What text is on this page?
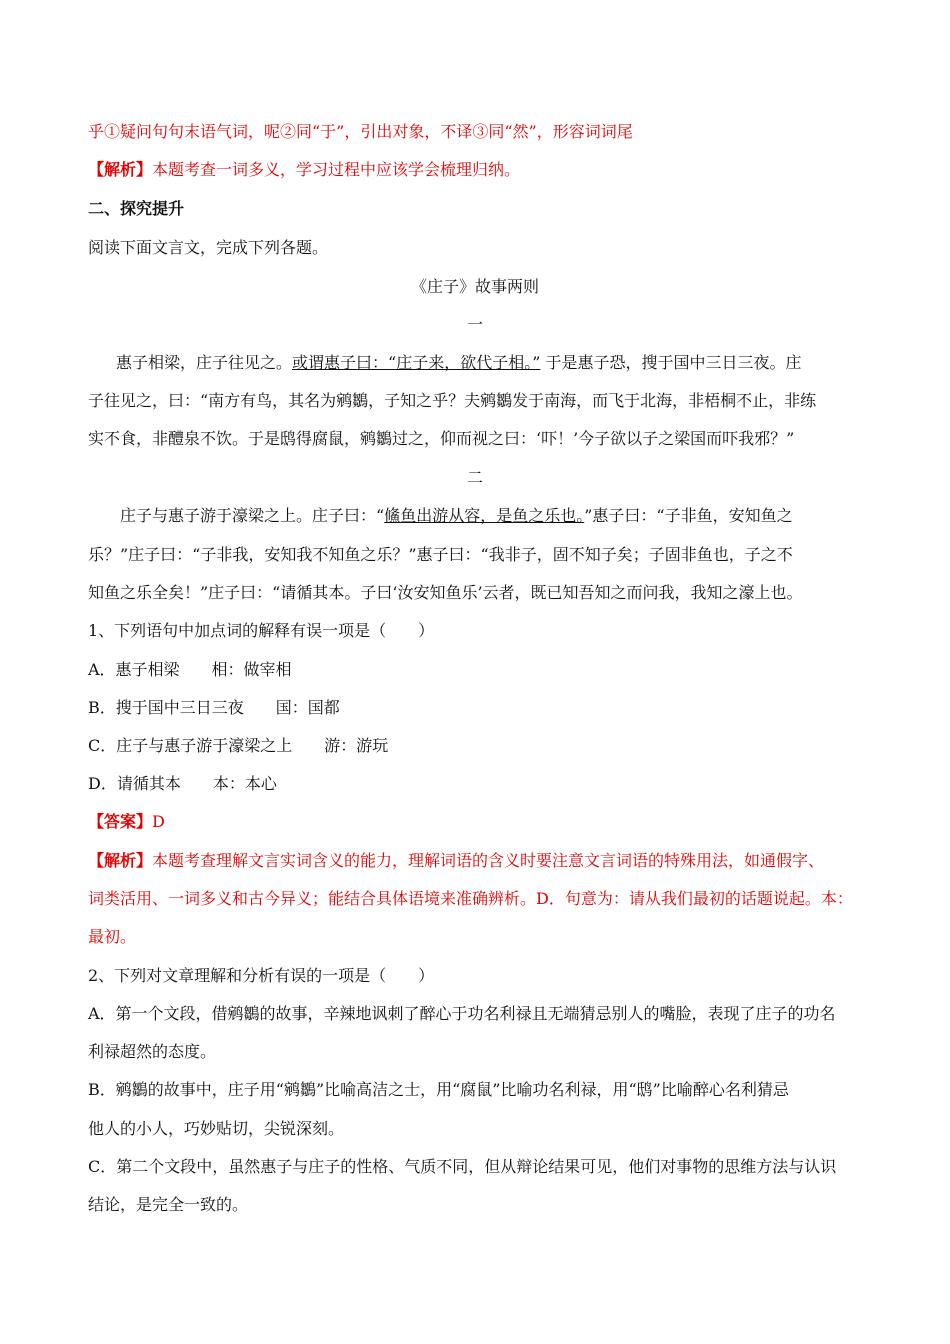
乎①疑问句句末语气词，呢②同“于”，引出对象，不译③同“然”，形容词词尾
【解析】本题考查一词多义，学习过程中应该学会梳理归纳。
二、探究提升
阅读下面文言文，完成下列各题。
《庄子》故事两则
一
惠子相梁，庄子往见之。或谓惠子曰：“庄子来，欲代子相。” 于是惠子恐，搜于国中三日三夜。庄
子往见之，曰：“南方有鸟，其名为鹓鶵，子知之乎？夫鹓鶵发于南海，而飞于北海，非梧桐不止，非练
实不食，非醴泉不饮。于是鸱得腐鼠，鹓鶵过之，仰而视之曰：‘吓！’今子欲以子之梁国而吓我邪？”
二
庄子与惠子游于濠梁之上。庄子曰：“鯈鱼出游从容，是鱼之乐也。”惠子曰：“子非鱼，安知鱼之
乐？”庄子曰：“子非我，安知我不知鱼之乐？”惠子曰：“我非子，固不知子矣；子固非鱼也，子之不
知鱼之乐全矣！”庄子曰：“请循其本。子曰‘汝安知鱼乐’云者，既已知吾知之而问我，我知之濠上也。
1、下列语句中加点词的解释有误一项是（　　）
A．惠子相梁　　相：做宰相
B．搜于国中三日三夜　　国：国都
C．庄子与惠子游于濠梁之上　　游：游玩
D．请循其本　　本：本心
【答案】D
【解析】本题考查理解文言实词含义的能力，理解词语的含义时要注意文言词语的特殊用法，如通假字、
词类活用、一词多义和古今异义；能结合具体语境来准确辨析。D．句意为：请从我们最初的话题说起。本：
最初。
2、下列对文章理解和分析有误的一项是（　　）
A．第一个文段，借鹓鶵的故事，辛辣地讽刺了醉心于功名利禄且无端猜忌别人的嘴脸，表现了庄子的功名
利禄超然的态度。
B．鹓鶵的故事中，庄子用“鹓鶵”比喻高洁之士，用“腐鼠”比喻功名利禄，用“鸱”比喻醉心名利猜忌
他人的小人，巧妙贴切，尖锐深刻。
C．第二个文段中，虽然惠子与庄子的性格、气质不同，但从辩论结果可见，他们对事物的思维方法与认识
结论，是完全一致的。
